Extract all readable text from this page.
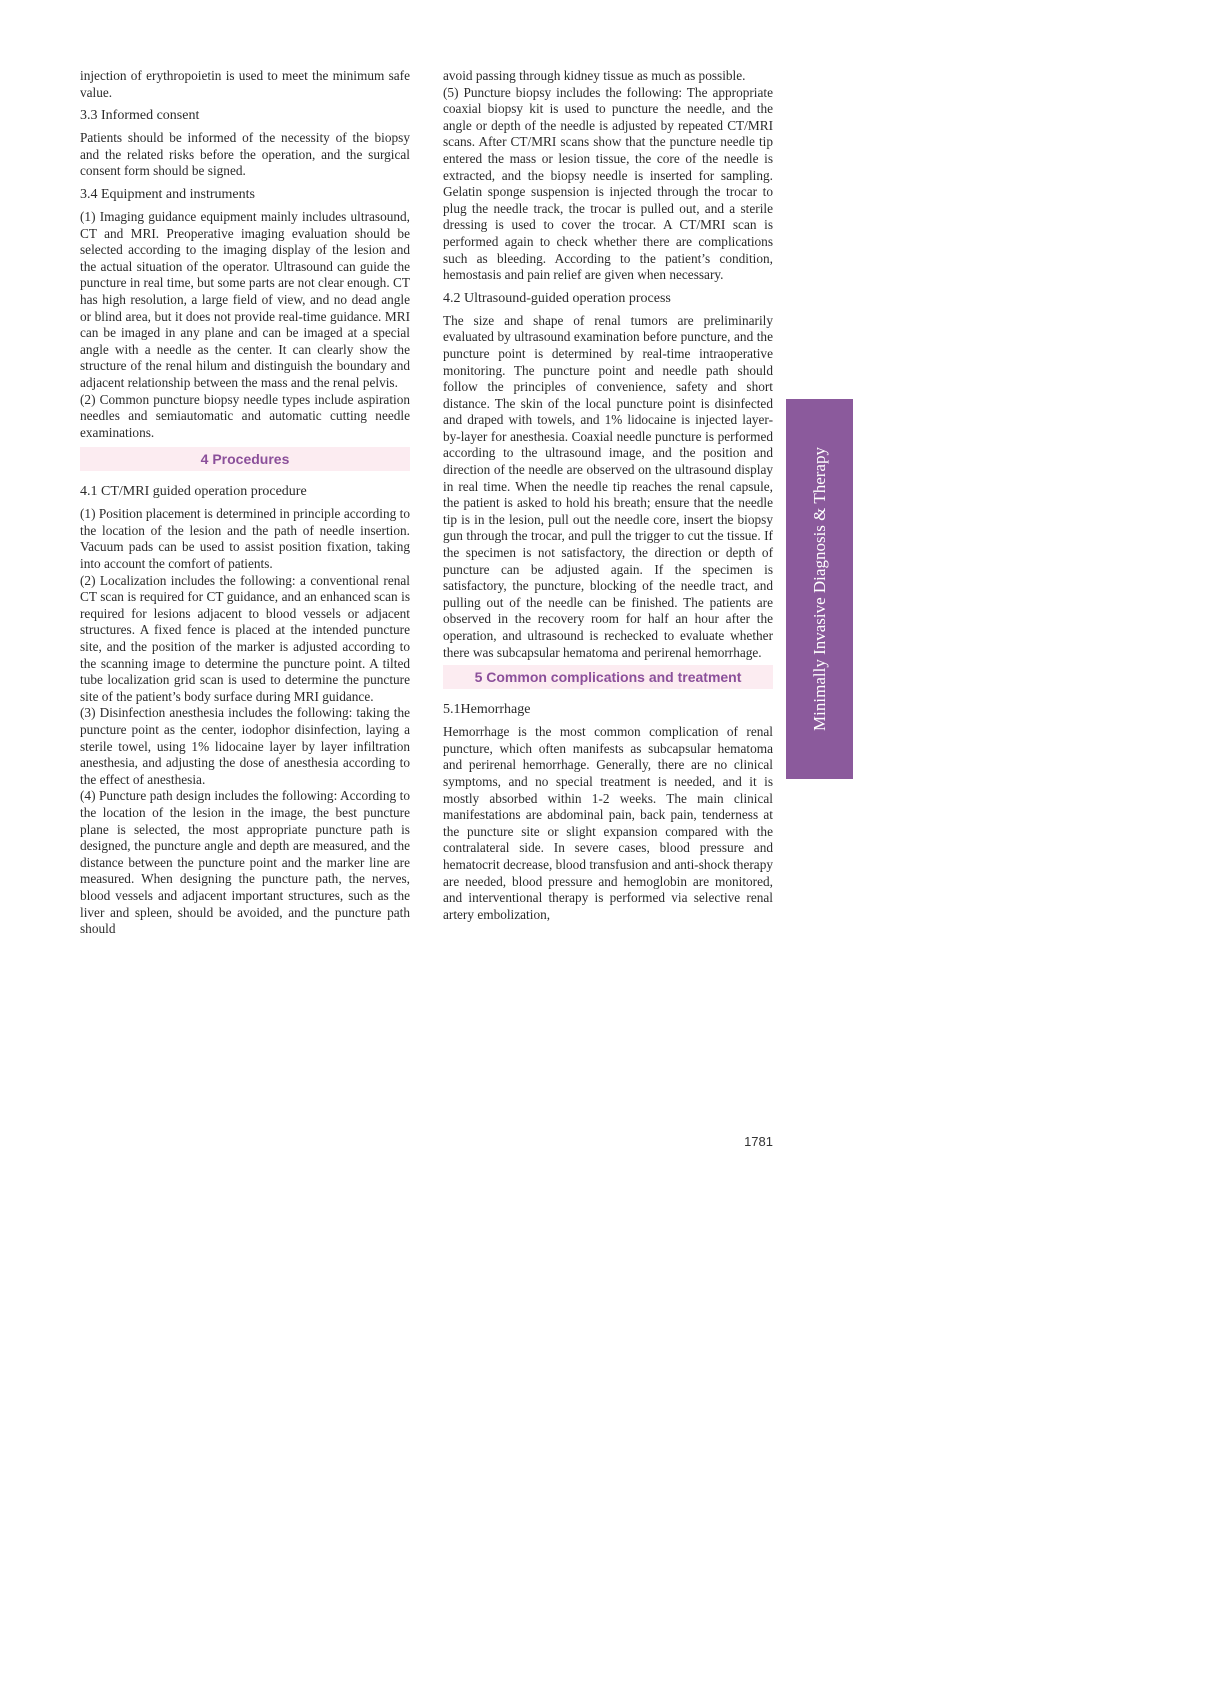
injection of erythropoietin is used to meet the minimum safe value.

3.3 Informed consent

Patients should be informed of the necessity of the biopsy and the related risks before the operation, and the surgical consent form should be signed.

3.4 Equipment and instruments

(1) Imaging guidance equipment mainly includes ultrasound, CT and MRI. Preoperative imaging evaluation should be selected according to the imaging display of the lesion and the actual situation of the operator. Ultrasound can guide the puncture in real time, but some parts are not clear enough. CT has high resolution, a large field of view, and no dead angle or blind area, but it does not provide real-time guidance. MRI can be imaged in any plane and can be imaged at a special angle with a needle as the center. It can clearly show the structure of the renal hilum and distinguish the boundary and adjacent relationship between the mass and the renal pelvis.

(2) Common puncture biopsy needle types include aspiration needles and semiautomatic and automatic cutting needle examinations.

4 Procedures
4.1 CT/MRI guided operation procedure

(1) Position placement is determined in principle according to the location of the lesion and the path of needle insertion. Vacuum pads can be used to assist position fixation, taking into account the comfort of patients.

(2) Localization includes the following: a conventional renal CT scan is required for CT guidance, and an enhanced scan is required for lesions adjacent to blood vessels or adjacent structures. A fixed fence is placed at the intended puncture site, and the position of the marker is adjusted according to the scanning image to determine the puncture point. A tilted tube localization grid scan is used to determine the puncture site of the patient’s body surface during MRI guidance.

(3) Disinfection anesthesia includes the following: taking the puncture point as the center, iodophor disinfection, laying a sterile towel, using 1% lidocaine layer by layer infiltration anesthesia, and adjusting the dose of anesthesia according to the effect of anesthesia.

(4) Puncture path design includes the following: According to the location of the lesion in the image, the best puncture plane is selected, the most appropriate puncture path is designed, the puncture angle and depth are measured, and the distance between the puncture point and the marker line are measured. When designing the puncture path, the nerves, blood vessels and adjacent important structures, such as the liver and spleen, should be avoided, and the puncture path should

avoid passing through kidney tissue as much as possible.

(5) Puncture biopsy includes the following: The appropriate coaxial biopsy kit is used to puncture the needle, and the angle or depth of the needle is adjusted by repeated CT/MRI scans. After CT/MRI scans show that the puncture needle tip entered the mass or lesion tissue, the core of the needle is extracted, and the biopsy needle is inserted for sampling. Gelatin sponge suspension is injected through the trocar to plug the needle track, the trocar is pulled out, and a sterile dressing is used to cover the trocar. A CT/MRI scan is performed again to check whether there are complications such as bleeding. According to the patient’s condition, hemostasis and pain relief are given when necessary.

4.2 Ultrasound-guided operation process

The size and shape of renal tumors are preliminarily evaluated by ultrasound examination before puncture, and the puncture point is determined by real-time intraoperative monitoring. The puncture point and needle path should follow the principles of convenience, safety and short distance. The skin of the local puncture point is disinfected and draped with towels, and 1% lidocaine is injected layer-by-layer for anesthesia. Coaxial needle puncture is performed according to the ultrasound image, and the position and direction of the needle are observed on the ultrasound display in real time. When the needle tip reaches the renal capsule, the patient is asked to hold his breath; ensure that the needle tip is in the lesion, pull out the needle core, insert the biopsy gun through the trocar, and pull the trigger to cut the tissue. If the specimen is not satisfactory, the direction or depth of puncture can be adjusted again. If the specimen is satisfactory, the puncture, blocking of the needle tract, and pulling out of the needle can be finished. The patients are observed in the recovery room for half an hour after the operation, and ultrasound is rechecked to evaluate whether there was subcapsular hematoma and perirenal hemorrhage.

5 Common complications and treatment
5.1Hemorrhage

Hemorrhage is the most common complication of renal puncture, which often manifests as subcapsular hematoma and perirenal hemorrhage. Generally, there are no clinical symptoms, and no special treatment is needed, and it is mostly absorbed within 1-2 weeks. The main clinical manifestations are abdominal pain, back pain, tenderness at the puncture site or slight expansion compared with the contralateral side. In severe cases, blood pressure and hematocrit decrease, blood transfusion and anti-shock therapy are needed, blood pressure and hemoglobin are monitored, and interventional therapy is performed via selective renal artery embolization,

Minimally Invasive Diagnosis & Therapy
1781
